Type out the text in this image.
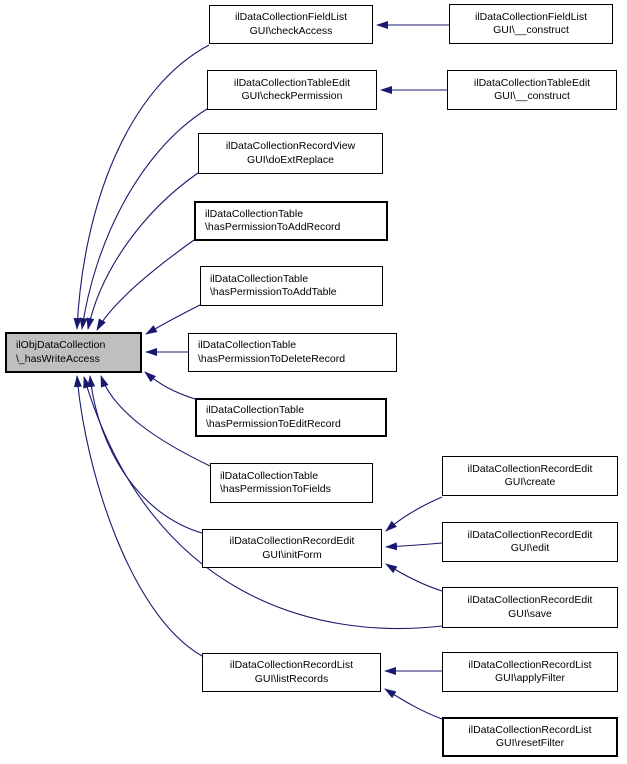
ilObjDataCollection
\_hasWriteAccess
ilDataCollectionFieldList
GUI\checkAccess
ilDataCollectionTableEdit
GUI\checkPermission
ilDataCollectionRecordView
GUI\doExtReplace
ilDataCollectionTable
\hasPermissionToAddRecord
ilDataCollectionTable
\hasPermissionToAddTable
ilDataCollectionTable
\hasPermissionToDeleteRecord
ilDataCollectionTable
\hasPermissionToEditRecord
ilDataCollectionTable
\hasPermissionToFields
ilDataCollectionRecordEdit
GUI\initForm
ilDataCollectionRecordList
GUI\listRecords
ilDataCollectionFieldList
GUI\__construct
ilDataCollectionTableEdit
GUI\__construct
ilDataCollectionRecordEdit
GUI\create
ilDataCollectionRecordEdit
GUI\edit
ilDataCollectionRecordEdit
GUI\save
ilDataCollectionRecordList
GUI\applyFilter
ilDataCollectionRecordList
GUI\resetFilter
